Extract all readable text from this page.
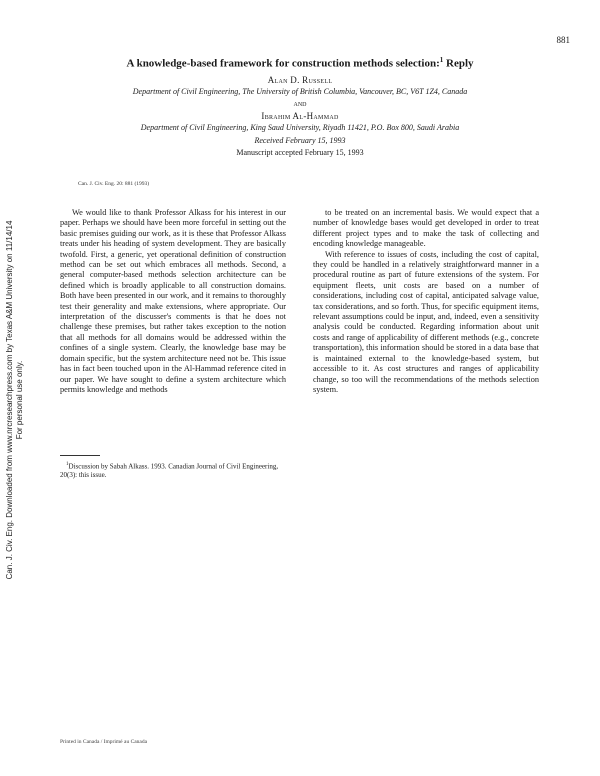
881
A knowledge-based framework for construction methods selection:$^1$ Reply
Alan D. Russell
Department of Civil Engineering, The University of British Columbia, Vancouver, BC, V6T 1Z4, Canada
and
Ibrahim Al-Hammad
Department of Civil Engineering, King Saud University, Riyadh 11421, P.O. Box 800, Saudi Arabia
Received February 15, 1993
Manuscript accepted February 15, 1993
Can. J. Civ. Eng. 20: 881 (1993)

We would like to thank Professor Alkass for his interest in our paper. Perhaps we should have been more forceful in setting out the basic premises guiding our work, as it is these that Professor Alkass treats under his heading of system development. They are basically twofold. First, a generic, yet operational definition of construction method can be set out which embraces all methods. Second, a general computer-based methods selection architecture can be defined which is broadly applicable to all construction domains. Both have been presented in our work, and it remains to thoroughly test their generality and make extensions, where appropriate. Our interpretation of the discusser's comments is that he does not challenge these premises, but rather takes exception to the notion that all methods for all domains would be addressed within the confines of a single system. Clearly, the knowledge base may be domain specific, but the system architecture need not be. This issue has in fact been touched upon in the Al-Hammad reference cited in our paper. We have sought to define a system architecture which permits knowledge and methods

$^1$Discussion by Sabah Alkass. 1993. Canadian Journal of Civil Engineering, 20(3): this issue.

to be treated on an incremental basis. We would expect that a number of knowledge bases would get developed in order to treat different project types and to make the task of collecting and encoding knowledge manageable.

With reference to issues of costs, including the cost of capital, they could be handled in a relatively straightforward manner in a procedural routine as part of future extensions of the system. For equipment fleets, unit costs are based on a number of considerations, including cost of capital, anticipated salvage value, tax considerations, and so forth. Thus, for specific equipment items, relevant assumptions could be input, and, indeed, even a sensitivity analysis could be conducted. Regarding information about unit costs and range of applicability of different methods (e.g., concrete transportation), this information should be stored in a data base that is maintained external to the knowledge-based system, but accessible to it. As cost structures and ranges of applicability change, so too will the recommendations of the methods selection system.

Can. J. Civ. Eng. Downloaded from www.nrcresearchpress.com by Texas A&M University on 11/14/14 For personal use only.
Printed in Canada / Imprimé au Canada
